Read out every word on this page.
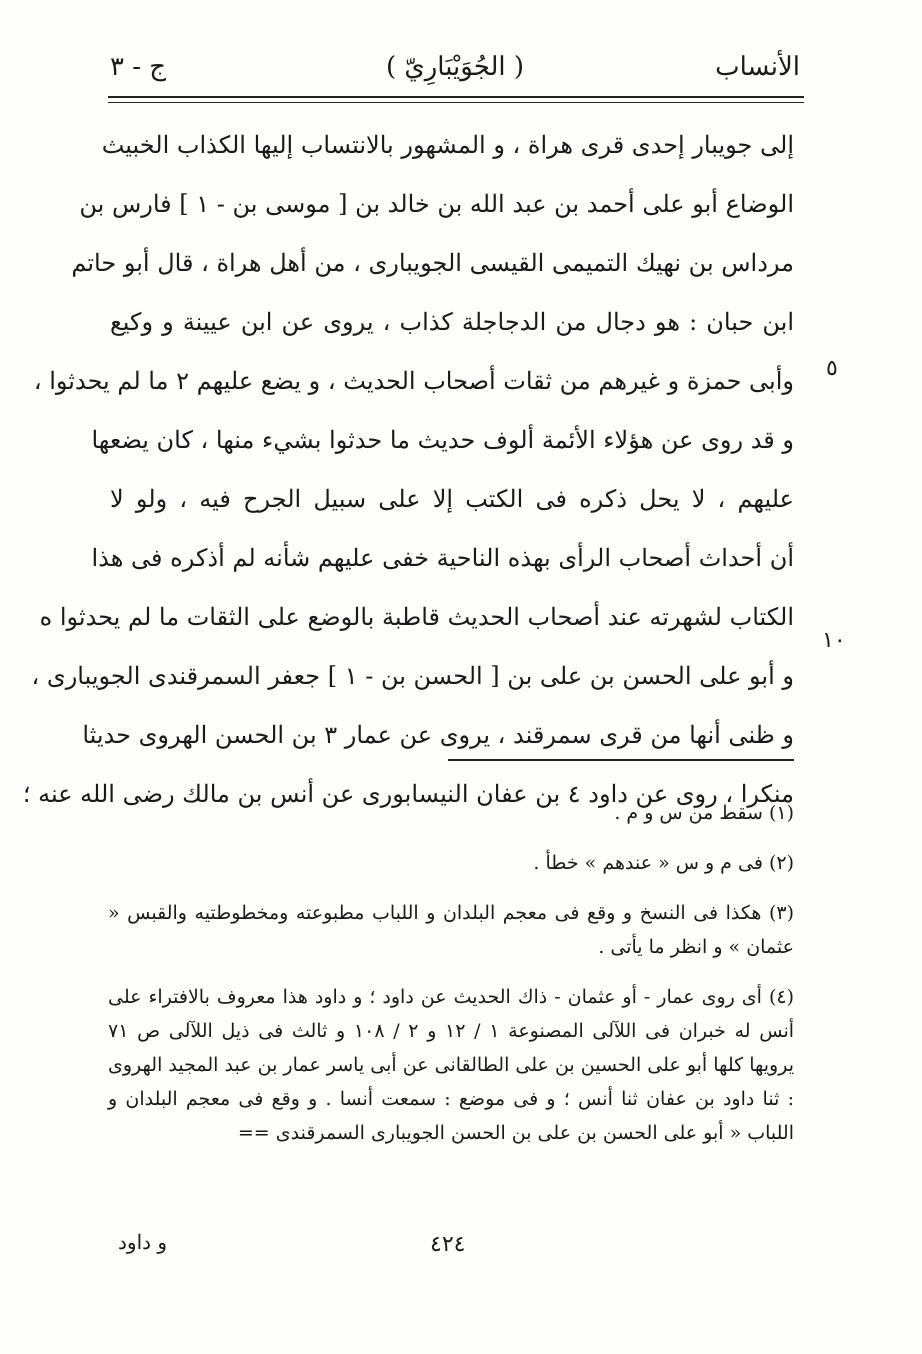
الأنساب
( الجُوَيْبَارِيّ )
ج - ٣
إلى جويبار إحدى قرى هراة ، و المشهور بالانتساب إليها الكذاب الخبيث
الوضاع أبو على أحمد بن عبد الله بن خالد بن [ موسى بن - ١ ] فارس بن
مرداس بن نهيك التميمى القيسى الجويبارى ، من أهل هراة ، قال أبو حاتم
ابن حبان : هو دجال من الدجاجلة كذاب ، يروى عن ابن عيينة و وكيع
وأبى حمزة و غيرهم من ثقات أصحاب الحديث ، و يضع عليهم ٢ ما لم يحدثوا ،
و قد روى عن هؤلاء الأئمة ألوف حديث ما حدثوا بشيء منها ، كان يضعها
عليهم ، لا يحل ذكره فى الكتب إلا على سبيل الجرح فيه ، ولو لا
أن أحداث أصحاب الرأى بهذه الناحية خفى عليهم شأنه لم أذكره فى هذا
الكتاب لشهرته عند أصحاب الحديث قاطبة بالوضع على الثقات ما لم يحدثوا ه
و أبو على الحسن بن على بن [ الحسن بن - ١ ] جعفر السمرقندى الجويبارى ،
و ظنى أنها من قرى سمرقند ، يروى عن عمار ٣ بن الحسن الهروى حديثا
منكرا ، روى عن داود ٤ بن عفان النيسابورى عن أنس بن مالك رضى الله عنه ؛
٥
١٠
(١) سقط من س و م .
(٢) فى م و س « عندهم » خطأ .
(٣) هكذا فى النسخ و وقع فى معجم البلدان و اللباب مطبوعته ومخطوطتيه والقبس « عثمان » و انظر ما يأتى .
(٤) أى روى عمار - أو عثمان - ذاك الحديث عن داود ؛ و داود هذا معروف بالافتراء على أنس له خبران فى اللآلى المصنوعة ١ / ١٢ و ٢ / ١٠٨ و ثالث فى ذيل اللآلى ص ٧١ يرويها كلها أبو على الحسين بن على الطالقانى عن أبى ياسر عمار بن عبد المجيد الهروى : ثنا داود بن عفان ثنا أنس ؛ و فى موضع : سمعت أنسا . و وقع فى معجم البلدان و اللباب « أبو على الحسن بن على بن الحسن الجويبارى السمرقندى ==
٤٢٤
و داود
